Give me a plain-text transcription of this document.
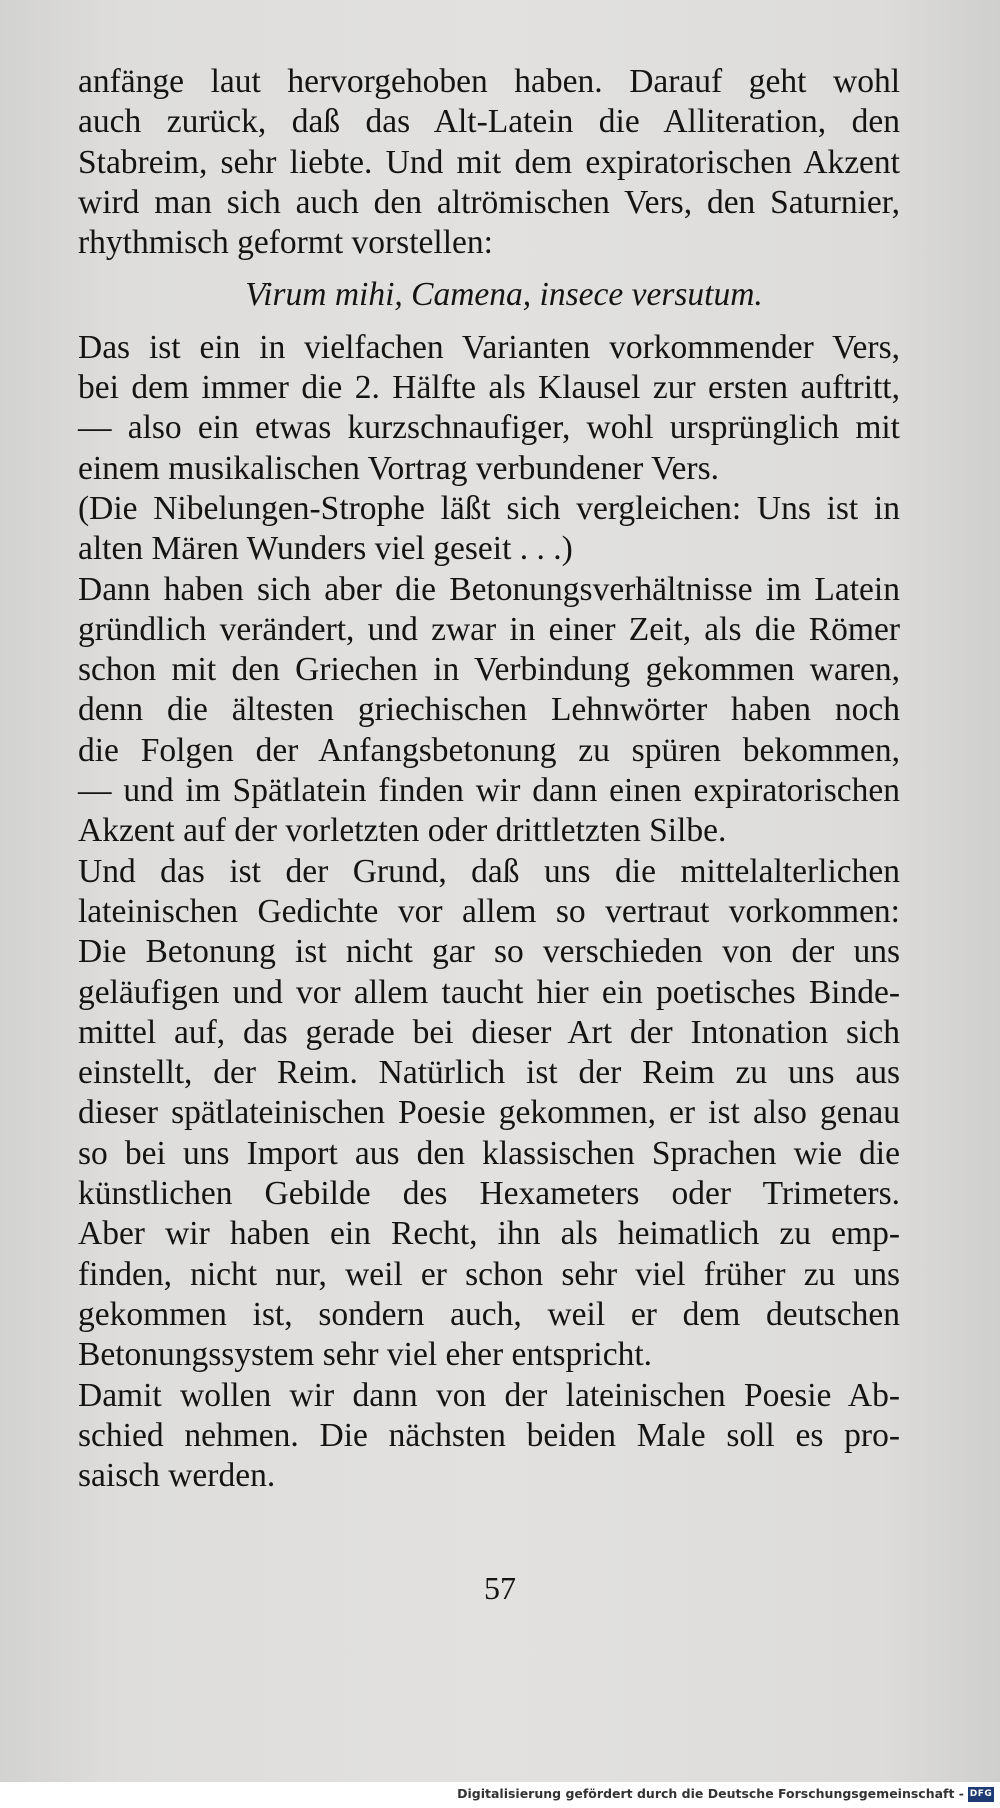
anfänge laut hervorgehoben haben. Darauf geht wohl
auch zurück, daß das Alt-Latein die Alliteration, den
Stabreim, sehr liebte. Und mit dem expiratorischen Akzent
wird man sich auch den altrömischen Vers, den Saturnier,
rhythmisch geformt vorstellen:
Virum mihi, Camena, insece versutum.
Das ist ein in vielfachen Varianten vorkommender Vers,
bei dem immer die 2. Hälfte als Klausel zur ersten auftritt,
— also ein etwas kurzschnaufiger, wohl ursprünglich mit
einem musikalischen Vortrag verbundener Vers.
(Die Nibelungen-Strophe läßt sich vergleichen: Uns ist in
alten Mären Wunders viel geseit . . .)
Dann haben sich aber die Betonungsverhältnisse im Latein
gründlich verändert, und zwar in einer Zeit, als die Römer
schon mit den Griechen in Verbindung gekommen waren,
denn die ältesten griechischen Lehnwörter haben noch
die Folgen der Anfangsbetonung zu spüren bekommen,
— und im Spätlatein finden wir dann einen expiratorischen
Akzent auf der vorletzten oder drittletzten Silbe.
Und das ist der Grund, daß uns die mittelalterlichen
lateinischen Gedichte vor allem so vertraut vorkommen:
Die Betonung ist nicht gar so verschieden von der uns
geläufigen und vor allem taucht hier ein poetisches Binde-
mittel auf, das gerade bei dieser Art der Intonation sich
einstellt, der Reim. Natürlich ist der Reim zu uns aus
dieser spätlateinischen Poesie gekommen, er ist also genau
so bei uns Import aus den klassischen Sprachen wie die
künstlichen Gebilde des Hexameters oder Trimeters.
Aber wir haben ein Recht, ihn als heimatlich zu emp-
finden, nicht nur, weil er schon sehr viel früher zu uns
gekommen ist, sondern auch, weil er dem deutschen
Betonungssystem sehr viel eher entspricht.
Damit wollen wir dann von der lateinischen Poesie Ab-
schied nehmen. Die nächsten beiden Male soll es pro-
saisch werden.
57
Digitalisierung gefördert durch die Deutsche Forschungsgemeinschaft - DFG
